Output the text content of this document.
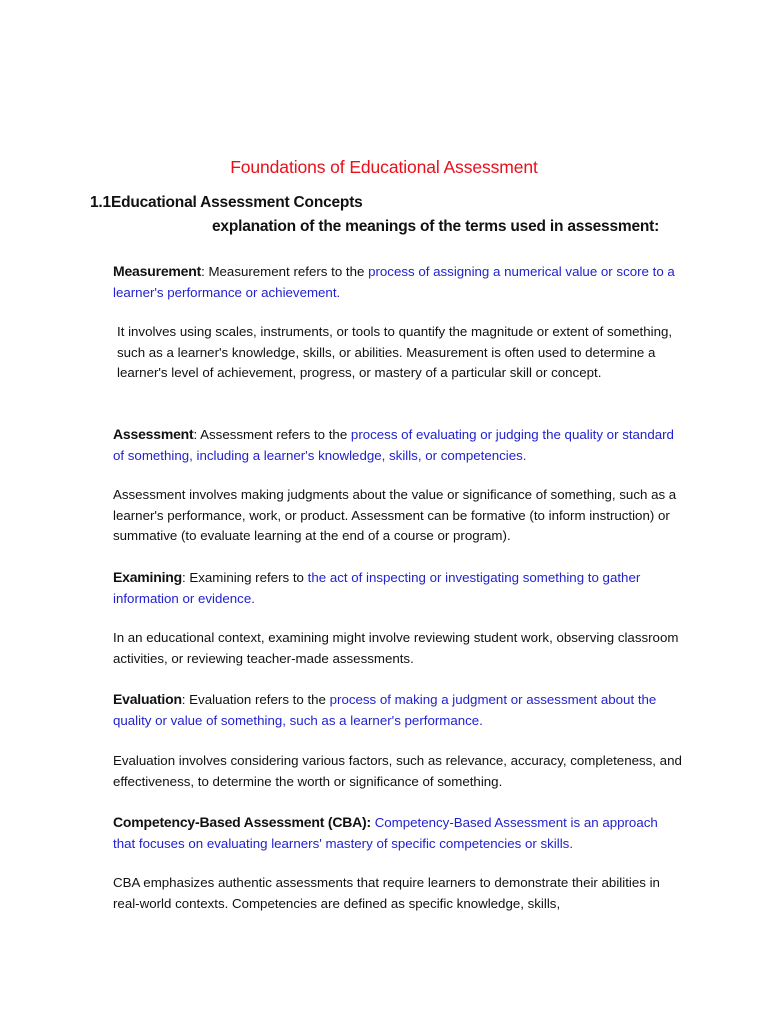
Foundations of Educational Assessment
1.1Educational Assessment Concepts
explanation of the meanings of the terms used in assessment:
Measurement: Measurement refers to the process of assigning a numerical value or score to a learner's performance or achievement.
It involves using scales, instruments, or tools to quantify the magnitude or extent of something, such as a learner's knowledge, skills, or abilities. Measurement is often used to determine a learner's level of achievement, progress, or mastery of a particular skill or concept.
Assessment: Assessment refers to the process of evaluating or judging the quality or standard of something, including a learner's knowledge, skills, or competencies.
Assessment involves making judgments about the value or significance of something, such as a learner's performance, work, or product. Assessment can be formative (to inform instruction) or summative (to evaluate learning at the end of a course or program).
Examining: Examining refers to the act of inspecting or investigating something to gather information or evidence.
In an educational context, examining might involve reviewing student work, observing classroom activities, or reviewing teacher-made assessments.
Evaluation: Evaluation refers to the process of making a judgment or assessment about the quality or value of something, such as a learner's performance.
Evaluation involves considering various factors, such as relevance, accuracy, completeness, and effectiveness, to determine the worth or significance of something.
Competency-Based Assessment (CBA): Competency-Based Assessment is an approach that focuses on evaluating learners' mastery of specific competencies or skills.
CBA emphasizes authentic assessments that require learners to demonstrate their abilities in real-world contexts. Competencies are defined as specific knowledge, skills,
